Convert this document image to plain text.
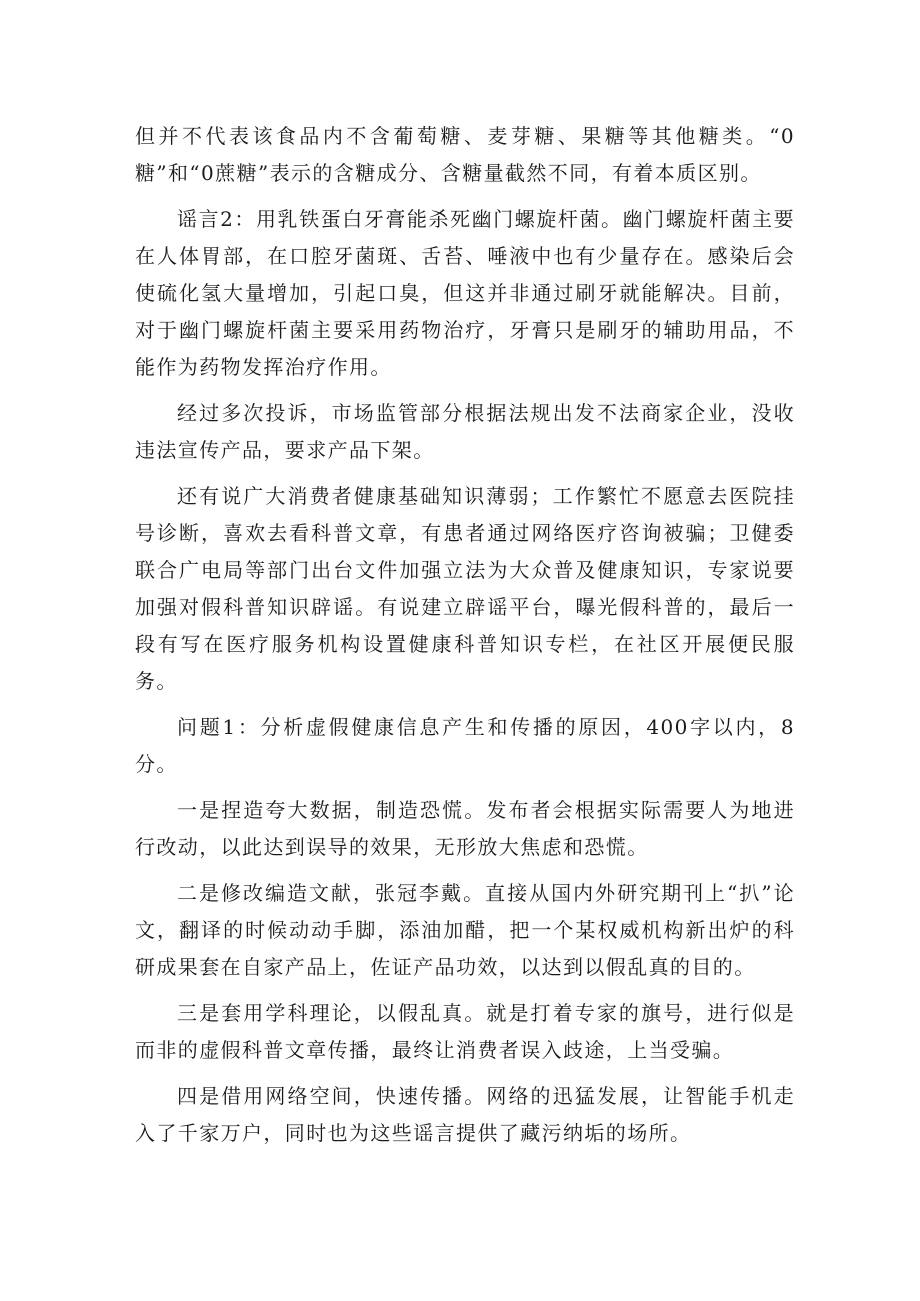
但并不代表该食品内不含葡萄糖、麦芽糖、果糖等其他糖类。“0糖”和“0蔗糖”表示的含糖成分、含糖量截然不同，有着本质区别。

谣言2：用乳铁蛋白牙膏能杀死幽门螺旋杆菌。幽门螺旋杆菌主要在人体胃部，在口腔牙菌斑、舌苔、唾液中也有少量存在。感染后会使硫化氢大量增加，引起口臭，但这并非通过刷牙就能解决。目前，对于幽门螺旋杆菌主要采用药物治疗，牙膏只是刷牙的辅助用品，不能作为药物发挥治疗作用。

经过多次投诉，市场监管部分根据法规出发不法商家企业，没收违法宣传产品，要求产品下架。

还有说广大消费者健康基础知识薄弱；工作繁忙不愿意去医院挂号诊断，喜欢去看科普文章，有患者通过网络医疗咨询被骗；卫健委联合广电局等部门出台文件加强立法为大众普及健康知识，专家说要加强对假科普知识辟谣。有说建立辟谣平台，曝光假科普的，最后一段有写在医疗服务机构设置健康科普知识专栏，在社区开展便民服务。

问题1：分析虚假健康信息产生和传播的原因，400字以内，8分。

一是捏造夸大数据，制造恐慌。发布者会根据实际需要人为地进行改动，以此达到误导的效果，无形放大焦虑和恐慌。

二是修改编造文献，张冠李戴。直接从国内外研究期刊上“扒”论文，翻译的时候动动手脚，添油加醋，把一个某权威机构新出炉的科研成果套在自家产品上，佐证产品功效，以达到以假乱真的目的。

三是套用学科理论，以假乱真。就是打着专家的旗号，进行似是而非的虚假科普文章传播，最终让消费者误入歧途，上当受骗。

四是借用网络空间，快速传播。网络的迅猛发展，让智能手机走入了千家万户，同时也为这些谣言提供了藏污纳垢的场所。
